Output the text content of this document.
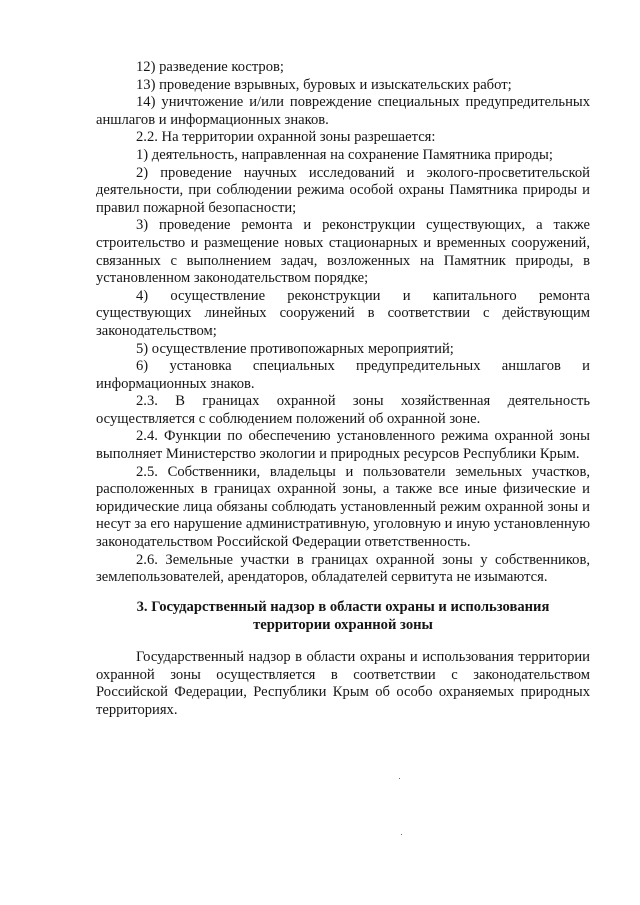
12) разведение костров;

13) проведение взрывных, буровых и изыскательских работ;

14) уничтожение и/или повреждение специальных предупредительных аншлагов и информационных знаков.

2.2. На территории охранной зоны разрешается:

1) деятельность, направленная на сохранение Памятника природы;

2) проведение научных исследований и эколого-просветительской деятельности, при соблюдении режима особой охраны Памятника природы и правил пожарной безопасности;

3) проведение ремонта и реконструкции существующих, а также строительство и размещение новых стационарных и временных сооружений, связанных с выполнением задач, возложенных на Памятник природы, в установленном законодательством порядке;

4) осуществление реконструкции и капитального ремонта существующих линейных сооружений в соответствии с действующим законодательством;

5) осуществление противопожарных мероприятий;

6) установка специальных предупредительных аншлагов и информационных знаков.

2.3. В границах охранной зоны хозяйственная деятельность осуществляется с соблюдением положений об охранной зоне.

2.4. Функции по обеспечению установленного режима охранной зоны выполняет Министерство экологии и природных ресурсов Республики Крым.

2.5. Собственники, владельцы и пользователи земельных участков, расположенных в границах охранной зоны, а также все иные физические и юридические лица обязаны соблюдать установленный режим охранной зоны и несут за его нарушение административную, уголовную и иную установленную законодательством Российской Федерации ответственность.

2.6. Земельные участки в границах охранной зоны у собственников, землепользователей, арендаторов, обладателей сервитута не изымаются.

3. Государственный надзор в области охраны и использования
территории охранной зоны

Государственный надзор в области охраны и использования территории охранной зоны осуществляется в соответствии с законодательством Российской Федерации, Республики Крым об особо охраняемых природных территориях.
